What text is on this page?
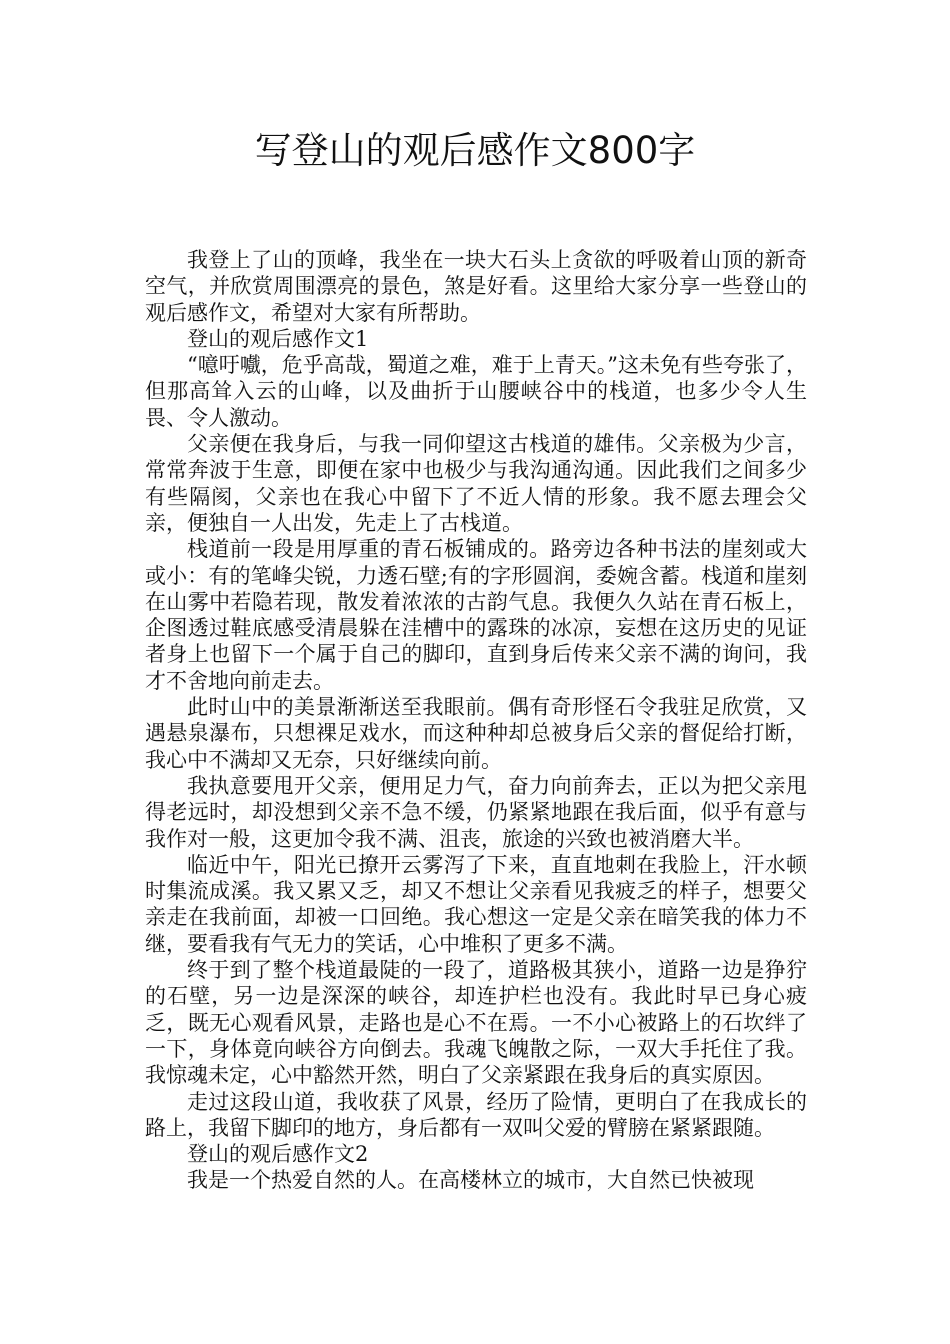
写登山的观后感作文800字

我登上了山的顶峰，我坐在一块大石头上贪欲的呼吸着山顶的新奇空气，并欣赏周围漂亮的景色，煞是好看。这里给大家分享一些登山的观后感作文，希望对大家有所帮助。

登山的观后感作文1

“噫吁嚱，危乎高哉，蜀道之难，难于上青天。”这未免有些夸张了，但那高耸入云的山峰，以及曲折于山腰峡谷中的栈道，也多少令人生畏、令人激动。

父亲便在我身后，与我一同仰望这古栈道的雄伟。父亲极为少言，常常奔波于生意，即便在家中也极少与我沟通沟通。因此我们之间多少有些隔阂，父亲也在我心中留下了不近人情的形象。我不愿去理会父亲，便独自一人出发，先走上了古栈道。

栈道前一段是用厚重的青石板铺成的。路旁边各种书法的崖刻或大或小：有的笔峰尖锐，力透石壁;有的字形圆润，委婉含蓄。栈道和崖刻在山雾中若隐若现，散发着浓浓的古韵气息。我便久久站在青石板上，企图透过鞋底感受清晨躲在洼槽中的露珠的冰凉，妄想在这历史的见证者身上也留下一个属于自己的脚印，直到身后传来父亲不满的询问，我才不舍地向前走去。

此时山中的美景渐渐送至我眼前。偶有奇形怪石令我驻足欣赏，又遇悬泉瀑布，只想裸足戏水，而这种种却总被身后父亲的督促给打断，我心中不满却又无奈，只好继续向前。

我执意要甩开父亲，便用足力气，奋力向前奔去，正以为把父亲甩得老远时，却没想到父亲不急不缓，仍紧紧地跟在我后面，似乎有意与我作对一般，这更加令我不满、沮丧，旅途的兴致也被消磨大半。

临近中午，阳光已撩开云雾泻了下来，直直地刺在我脸上，汗水顿时集流成溪。我又累又乏，却又不想让父亲看见我疲乏的样子，想要父亲走在我前面，却被一口回绝。我心想这一定是父亲在暗笑我的体力不继，要看我有气无力的笑话，心中堆积了更多不满。

终于到了整个栈道最陡的一段了，道路极其狭小，道路一边是狰狞的石壁，另一边是深深的峡谷，却连护栏也没有。我此时早已身心疲乏，既无心观看风景，走路也是心不在焉。一不小心被路上的石坎绊了一下，身体竟向峡谷方向倒去。我魂飞魄散之际，一双大手托住了我。我惊魂未定，心中豁然开然，明白了父亲紧跟在我身后的真实原因。

走过这段山道，我收获了风景，经历了险情，更明白了在我成长的路上，我留下脚印的地方，身后都有一双叫父爱的臂膀在紧紧跟随。

登山的观后感作文2

我是一个热爱自然的人。在高楼林立的城市，大自然已快被现
